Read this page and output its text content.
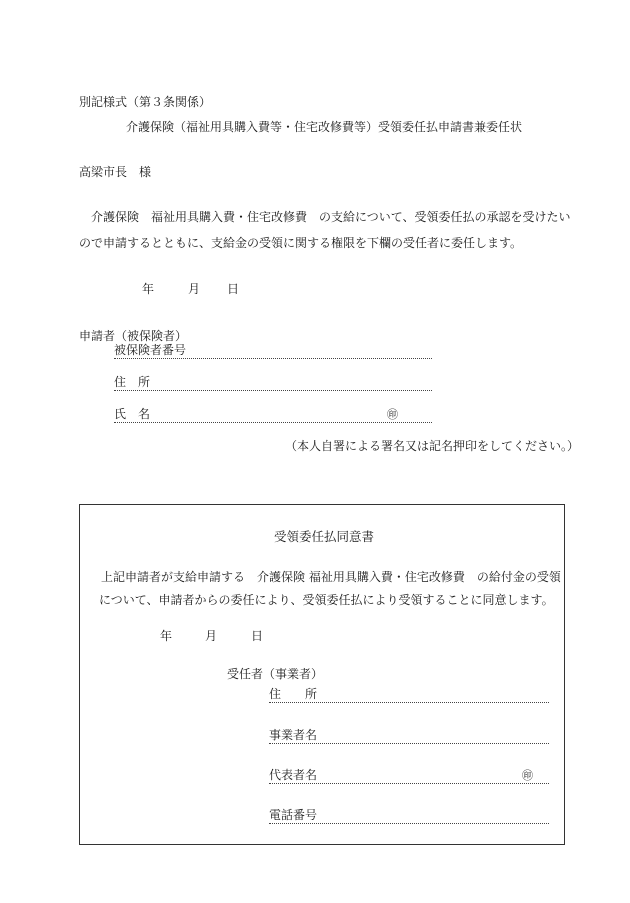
別記様式（第３条関係）
介護保険（福祉用具購入費等・住宅改修費等）受領委任払申請書兼委任状
高梁市長　様
介護保険　福祉用具購入費・住宅改修費　の支給について、受領委任払の承認を受けたい
ので申請するとともに、支給金の受領に関する権限を下欄の受任者に委任します。
年	月 日
申請者（被保険者）
被保険者番号
住　所
氏　名	㊞
（本人自署による署名又は記名押印をしてください。）
受領委任払同意書
上記申請者が支給申請する　介護保険 福祉用具購入費・住宅改修費　の給付金の受領
について、申請者からの委任により、受領委任払により受領することに同意します。
年	月	日
受任者（事業者）
住　　所
事業者名
代表者名	㊞
電話番号
